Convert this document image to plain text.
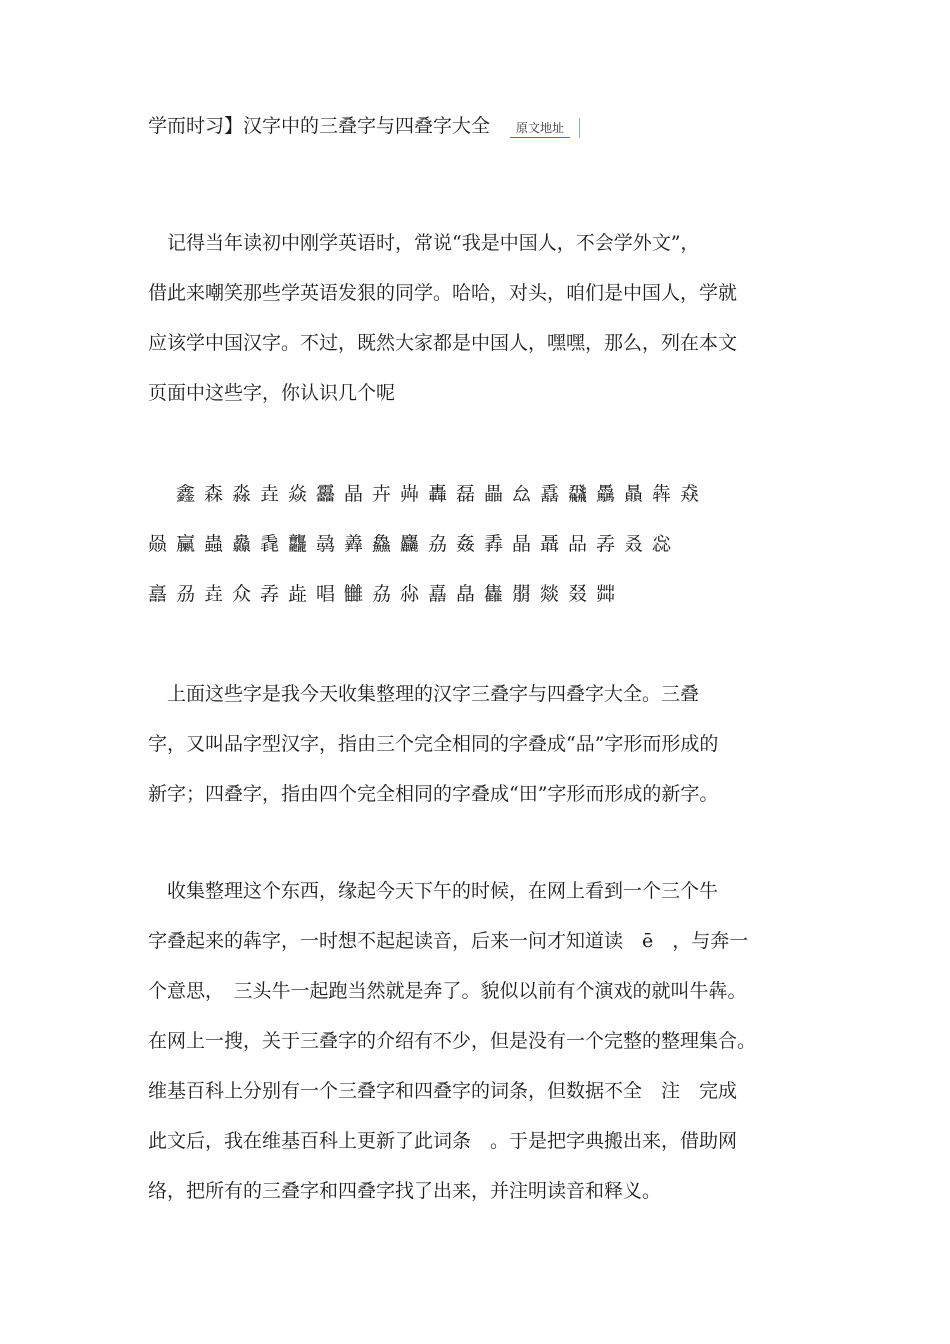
学而时习】汉字中的三叠字与四叠字大全	原文地址
　记得当年读初中刚学英语时，常说“我是中国人，不会学外文”，
借此来嘲笑那些学英语发狠的同学。哈哈，对头，咱们是中国人，学就
应该学中国汉字。不过，既然大家都是中国人，嘿嘿，那么，列在本文
页面中这些字，你认识几个呢
　鑫森淼垚焱靐晶卉芔轟磊畾厽舙飝驫贔犇猋
赑臝蟲灥毳龘骉羴鱻麤劦姦掱晶聶品孨叒惢
譶刕垚众孨歮唱雦劦尛嚞皛雥朤燚叕茻
　上面这些字是我今天收集整理的汉字三叠字与四叠字大全。三叠
字，又叫品字型汉字，指由三个完全相同的字叠成“品”字形而形成的
新字；四叠字，指由四个完全相同的字叠成“田”字形而形成的新字。
　收集整理这个东西，缘起今天下午的时候，在网上看到一个三个牛
字叠起来的犇字，一时想不起起读音，后来一问才知道读　ē　，与奔一
个意思，　三头牛一起跑当然就是奔了。貌似以前有个演戏的就叫牛犇。
在网上一搜，关于三叠字的介绍有不少，但是没有一个完整的整理集合。
维基百科上分别有一个三叠字和四叠字的词条，但数据不全　注　完成
此文后，我在维基百科上更新了此词条　。于是把字典搬出来，借助网
络，把所有的三叠字和四叠字找了出来，并注明读音和释义。
